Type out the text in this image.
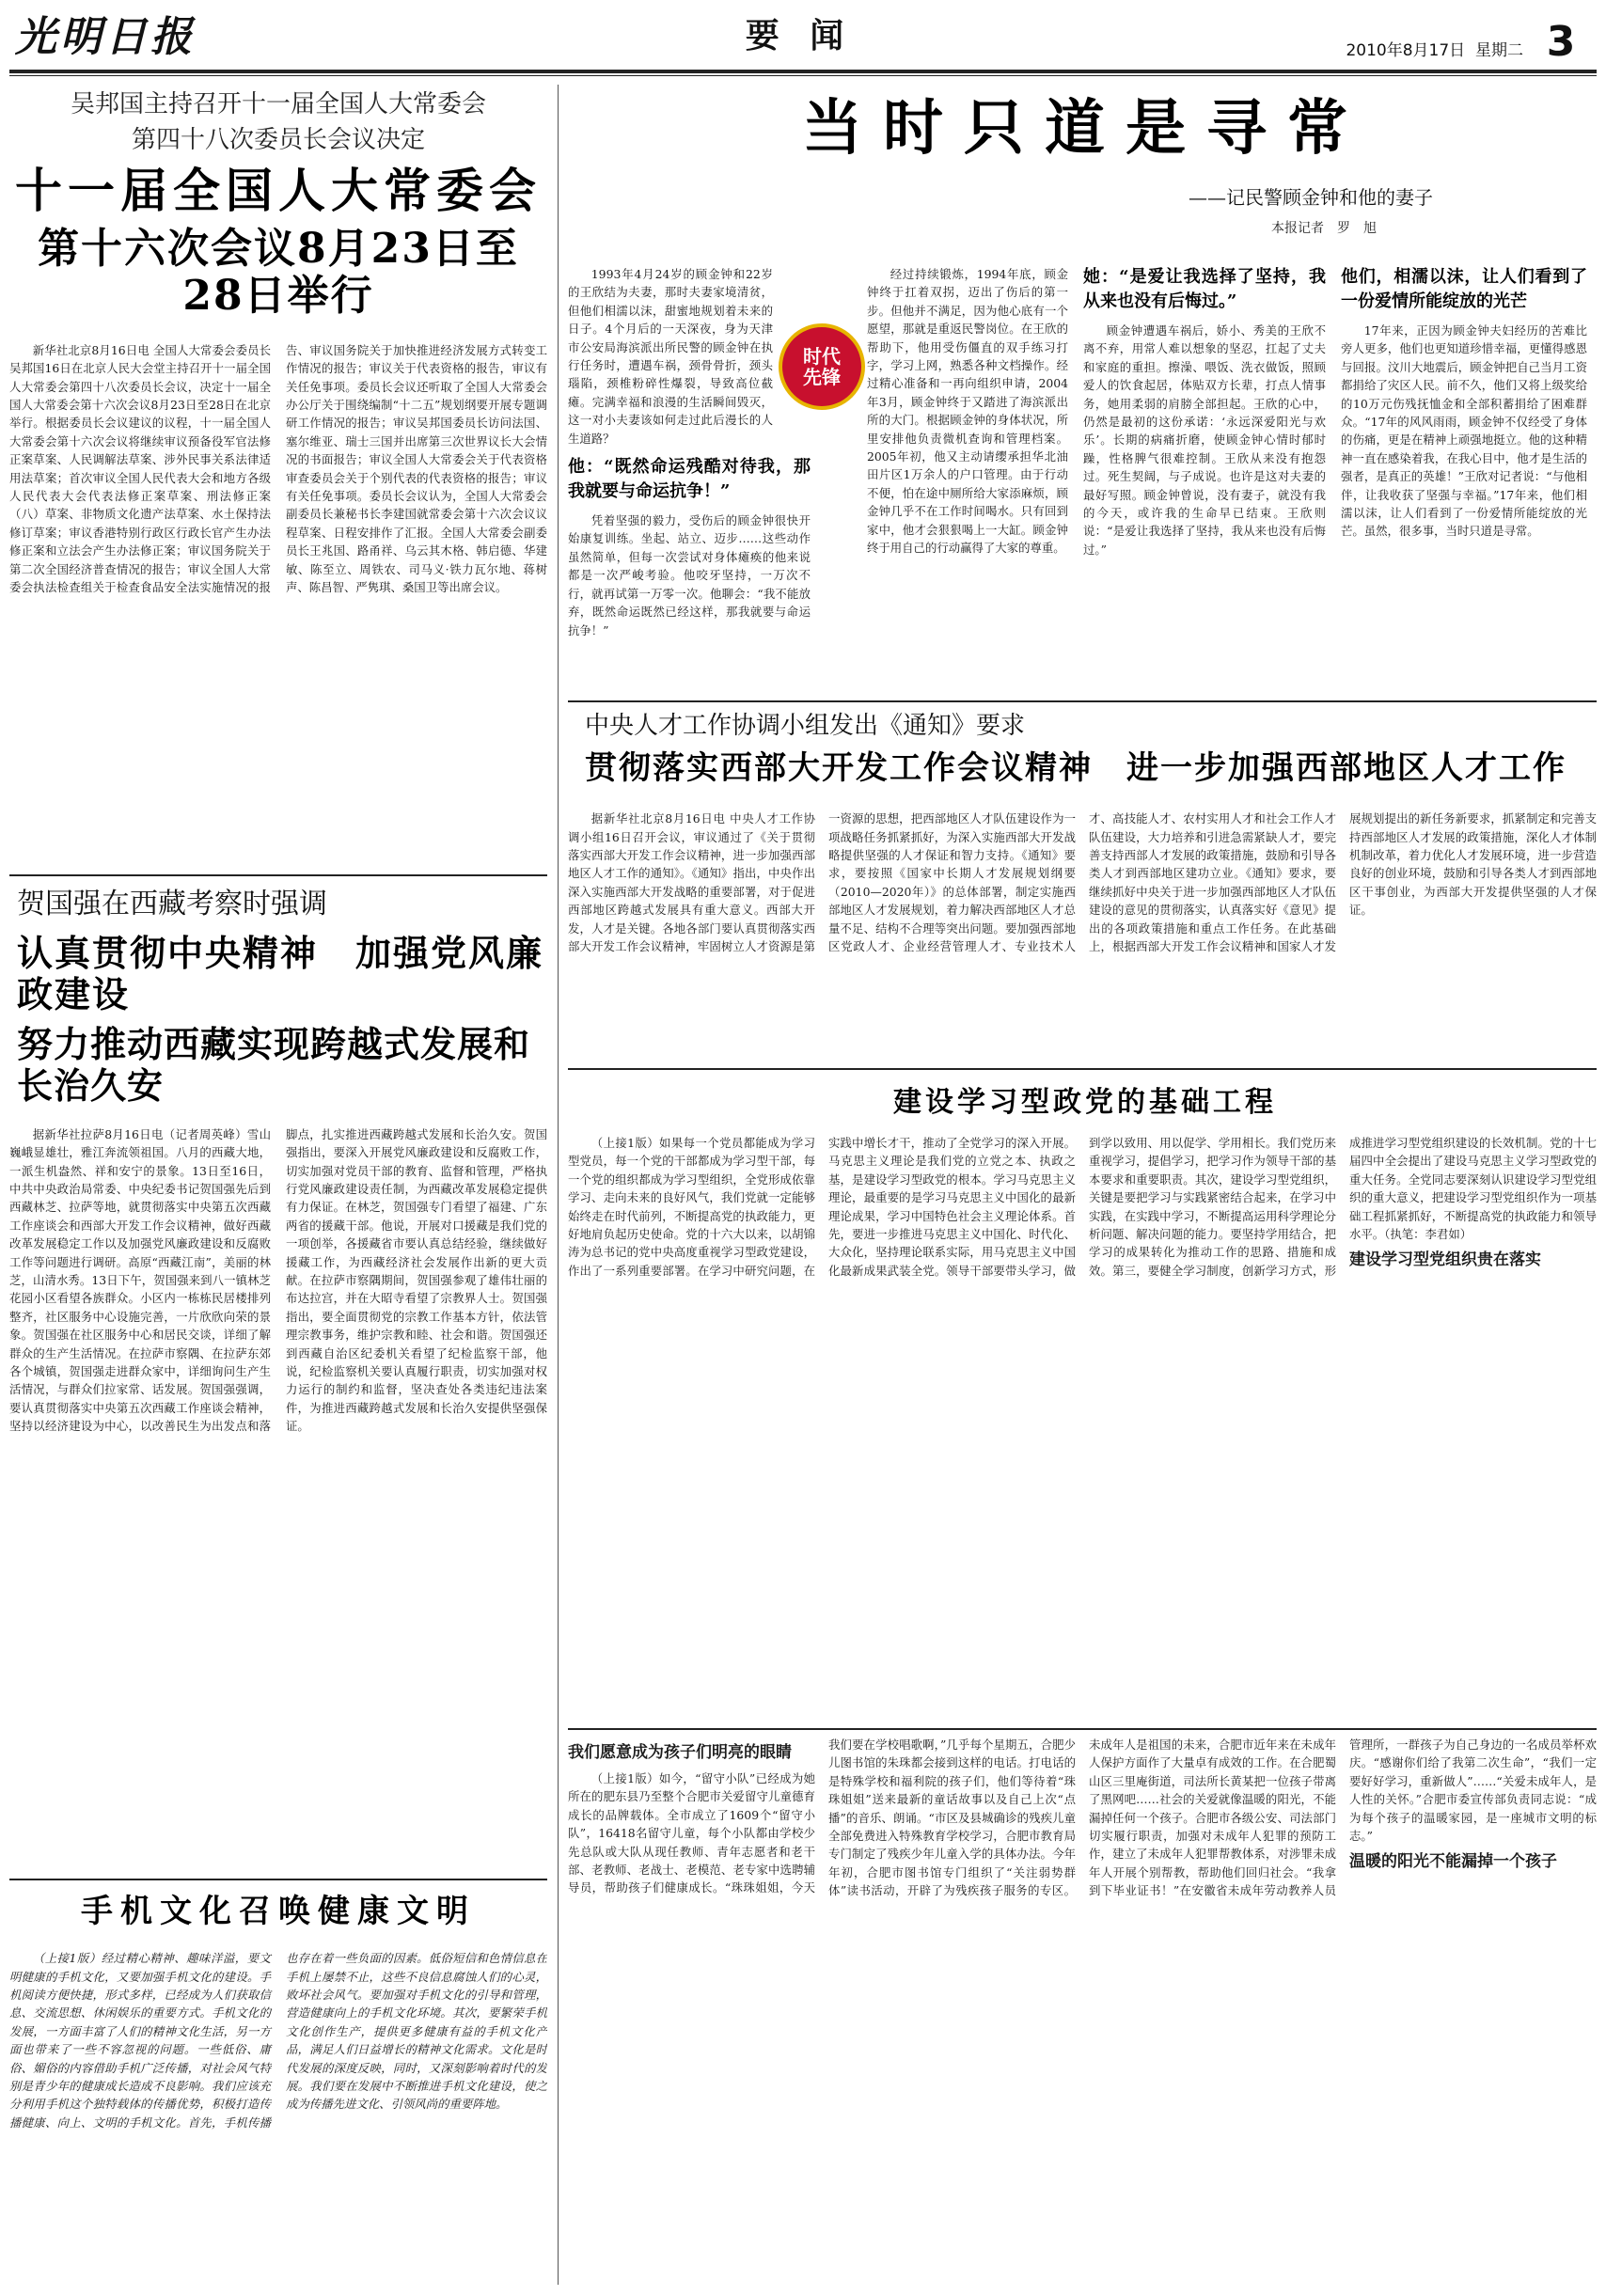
光明日报	要 闻	2010年8月17日 星期二 3
吴邦国主持召开十一届全国人大常委会
第四十八次委员长会议决定
十一届全国人大常委会
第十六次会议8月23日至28日举行

新华社北京8月16日电 全国人大常委会委员长吴邦国16日在北京人民大会堂主持召开十一届全国人大常委会第四十八次委员长会议，决定十一届全国人大常委会第十六次会议8月23日至28日在北京举行。根据委员长会议建议的议程，十一届全国人大常委会第十六次会议将继续审议预备役军官法修正案草案、人民调解法草案、涉外民事关系法律适用法草案；首次审议全国人民代表大会和地方各级人民代表大会代表法修正案草案、刑法修正案（八）草案、非物质文化遗产法草案、水土保持法修订草案；审议香港特别行政区行政长官产生办法修正案和立法会产生办法修正案；审议国务院关于第二次全国经济普查情况的报告；审议全国人大常委会执法检查组关于检查食品安全法实施情况的报告、审议国务院关于加快推进经济发展方式转变工作情况的报告；审议关于代表资格的报告，审议有关任免事项。委员长会议还听取了全国人大常委会办公厅关于围绕编制“十二五”规划纲要开展专题调研工作情况的报告；审议吴邦国委员长访问法国、塞尔维亚、瑞士三国并出席第三次世界议长大会情况的书面报告；审议全国人大常委会关于代表资格审查委员会关于个别代表的代表资格的报告；审议有关任免事项。委员长会议认为，全国人大常委会副委员长兼秘书长李建国就常委会第十六次会议议程草案、日程安排作了汇报。全国人大常委会副委员长王兆国、路甬祥、乌云其木格、韩启德、华建敏、陈至立、周铁农、司马义·铁力瓦尔地、蒋树声、陈昌智、严隽琪、桑国卫等出席会议。

贺国强在西藏考察时强调
认真贯彻中央精神　加强党风廉政建设
努力推动西藏实现跨越式发展和长治久安

据新华社拉萨8月16日电（记者周英峰）雪山巍峨显雄壮，雅江奔流领祖国。八月的西藏大地，一派生机盎然、祥和安宁的景象。13日至16日，中共中央政治局常委、中央纪委书记贺国强先后到西藏林芝、拉萨等地，就贯彻落实中央第五次西藏工作座谈会和西部大开发工作会议精神，做好西藏改革发展稳定工作以及加强党风廉政建设和反腐败工作等问题进行调研。高原“西藏江南”，美丽的林芝，山清水秀。13日下午，贺国强来到八一镇林芝花园小区看望各族群众。小区内一栋栋民居楼排列整齐，社区服务中心设施完善，一片欣欣向荣的景象。贺国强在社区服务中心和居民交谈，详细了解群众的生产生活情况。在拉萨市察隅、在拉萨东郊各个城镇，贺国强走进群众家中，详细询问生产生活情况，与群众们拉家常、话发展。贺国强强调，要认真贯彻落实中央第五次西藏工作座谈会精神，坚持以经济建设为中心，以改善民生为出发点和落脚点，扎实推进西藏跨越式发展和长治久安。贺国强指出，要深入开展党风廉政建设和反腐败工作，切实加强对党员干部的教育、监督和管理，严格执行党风廉政建设责任制，为西藏改革发展稳定提供有力保证。在林芝，贺国强专门看望了福建、广东两省的援藏干部。他说，开展对口援藏是我们党的一项创举，各援藏省市要认真总结经验，继续做好援藏工作，为西藏经济社会发展作出新的更大贡献。在拉萨市察隅期间，贺国强参观了雄伟壮丽的布达拉宫，并在大昭寺看望了宗教界人士。贺国强指出，要全面贯彻党的宗教工作基本方针，依法管理宗教事务，维护宗教和睦、社会和谐。贺国强还到西藏自治区纪委机关看望了纪检监察干部，他说，纪检监察机关要认真履行职责，切实加强对权力运行的制约和监督，坚决查处各类违纪违法案件，为推进西藏跨越式发展和长治久安提供坚强保证。

手机文化召唤健康文明

（上接1版）经过精心精神、趣味洋溢，要文明健康的手机文化，又要加强手机文化的建设。手机阅读方便快捷，形式多样，已经成为人们获取信息、交流思想、休闲娱乐的重要方式。手机文化的发展，一方面丰富了人们的精神文化生活，另一方面也带来了一些不容忽视的问题。一些低俗、庸俗、媚俗的内容借助手机广泛传播，对社会风气特别是青少年的健康成长造成不良影响。我们应该充分利用手机这个独特载体的传播优势，积极打造传播健康、向上、文明的手机文化。首先，手机传播也存在着一些负面的因素。低俗短信和色情信息在手机上屡禁不止，这些不良信息腐蚀人们的心灵，败坏社会风气。要加强对手机文化的引导和管理，营造健康向上的手机文化环境。其次，要繁荣手机文化创作生产，提供更多健康有益的手机文化产品，满足人们日益增长的精神文化需求。文化是时代发展的深度反映，同时，又深刻影响着时代的发展。我们要在发展中不断推进手机文化建设，使之成为传播先进文化、引领风尚的重要阵地。

当时只道是寻常
——记民警顾金钟和他的妻子
本报记者　罗　旭
时代先锋

1993年4月24岁的顾金钟和22岁的王欣结为夫妻，那时夫妻家境清贫，但他们相濡以沫，甜蜜地规划着未来的日子。4个月后的一天深夜，身为天津市公安局海滨派出所民警的顾金钟在执行任务时，遭遇车祸，颈骨骨折，颈头瑙陷，颈椎粉碎性爆裂，导致高位截瘫。完满幸福和浪漫的生活瞬间毁灭，这一对小夫妻该如何走过此后漫长的人生道路？

他：“既然命运残酷对待我，那我就要与命运抗争！”

凭着坚强的毅力，受伤后的顾金钟很快开始康复训练。坐起、站立、迈步……这些动作虽然简单，但每一次尝试对身体瘫痪的他来说都是一次严峻考验。他咬牙坚持，一万次不行，就再试第一万零一次。他聊会：“我不能放弃，既然命运既然已经这样，那我就要与命运抗争！”

经过持续锻炼，1994年底，顾金钟终于扛着双拐，迈出了伤后的第一步。但他并不满足，因为他心底有一个愿望，那就是重返民警岗位。在王欣的帮助下，他用受伤僵直的双手练习打字，学习上网，熟悉各种文档操作。经过精心准备和一再向组织申请，2004年3月，顾金钟终于又踏进了海滨派出所的大门。根据顾金钟的身体状况，所里安排他负责微机查询和管理档案。2005年初，他又主动请缨承担华北油田片区1万余人的户口管理。由于行动不便，怕在途中厕所给大家添麻烦，顾金钟几乎不在工作时间喝水。只有回到家中，他才会狠狠喝上一大缸。顾金钟终于用自己的行动赢得了大家的尊重。

她：“是爱让我选择了坚持，我从来也没有后悔过。”

顾金钟遭遇车祸后，娇小、秀美的王欣不离不弃，用常人难以想象的坚忍，扛起了丈夫和家庭的重担。擦澡、喂饭、洗衣做饭，照顾爱人的饮食起居，体贴双方长辈，打点人情事务，她用柔弱的肩膀全部担起。王欣的心中，仍然是最初的这份承诺：‘永远深爱阳光与欢乐’。长期的病痛折磨，使顾金钟心情时郁时躁，性格脾气很难控制。王欣从来没有抱怨过。死生契阔，与子成说。也许是这对夫妻的最好写照。顾金钟曾说，没有妻子，就没有我的今天，或许我的生命早已结束。王欣则说：“是爱让我选择了坚持，我从来也没有后悔过。”

他们，相濡以沫，让人们看到了一份爱情所能绽放的光芒

17年来，正因为顾金钟夫妇经历的苦难比旁人更多，他们也更知道珍惜幸福，更懂得感恩与回报。汶川大地震后，顾金钟把自己当月工资都捐给了灾区人民。前不久，他们又将上级奖给的10万元伤残抚恤金和全部积蓄捐给了困难群众。“17年的风风雨雨，顾金钟不仅经受了身体的伤痛，更是在精神上顽强地挺立。他的这种精神一直在感染着我，在我心目中，他才是生活的强者，是真正的英雄！”王欣对记者说：“与他相伴，让我收获了坚强与幸福。”17年来，他们相濡以沫，让人们看到了一份爱情所能绽放的光芒。虽然，很多事，当时只道是寻常。

中央人才工作协调小组发出《通知》要求
贯彻落实西部大开发工作会议精神　进一步加强西部地区人才工作

据新华社北京8月16日电 中央人才工作协调小组16日召开会议，审议通过了《关于贯彻落实西部大开发工作会议精神，进一步加强西部地区人才工作的通知》。《通知》指出，中央作出深入实施西部大开发战略的重要部署，对于促进西部地区跨越式发展具有重大意义。西部大开发，人才是关键。各地各部门要认真贯彻落实西部大开发工作会议精神，牢固树立人才资源是第一资源的思想，把西部地区人才队伍建设作为一项战略任务抓紧抓好，为深入实施西部大开发战略提供坚强的人才保证和智力支持。《通知》要求，要按照《国家中长期人才发展规划纲要（2010—2020年）》的总体部署，制定实施西部地区人才发展规划，着力解决西部地区人才总量不足、结构不合理等突出问题。要加强西部地区党政人才、企业经营管理人才、专业技术人才、高技能人才、农村实用人才和社会工作人才队伍建设，大力培养和引进急需紧缺人才，要完善支持西部人才发展的政策措施，鼓励和引导各类人才到西部地区建功立业。《通知》要求，要继续抓好中央关于进一步加强西部地区人才队伍建设的意见的贯彻落实，认真落实好《意见》提出的各项政策措施和重点工作任务。在此基础上，根据西部大开发工作会议精神和国家人才发展规划提出的新任务新要求，抓紧制定和完善支持西部地区人才发展的政策措施，深化人才体制机制改革，着力优化人才发展环境，进一步营造良好的创业环境，鼓励和引导各类人才到西部地区干事创业，为西部大开发提供坚强的人才保证。

建设学习型政党的基础工程

（上接1版）如果每一个党员都能成为学习型党员，每一个党的干部都成为学习型干部，每一个党的组织都成为学习型组织，全党形成依靠学习、走向未来的良好风气，我们党就一定能够始终走在时代前列，不断提高党的执政能力，更好地肩负起历史使命。党的十六大以来，以胡锦涛为总书记的党中央高度重视学习型政党建设，作出了一系列重要部署。在学习中研究问题，在实践中增长才干，推动了全党学习的深入开展。马克思主义理论是我们党的立党之本、执政之基，是建设学习型政党的根本。学习马克思主义理论，最重要的是学习马克思主义中国化的最新理论成果，学习中国特色社会主义理论体系。首先，要进一步推进马克思主义中国化、时代化、大众化，坚持理论联系实际，用马克思主义中国化最新成果武装全党。领导干部要带头学习，做到学以致用、用以促学、学用相长。我们党历来重视学习，提倡学习，把学习作为领导干部的基本要求和重要职责。其次，建设学习型党组织，关键是要把学习与实践紧密结合起来，在学习中实践，在实践中学习，不断提高运用科学理论分析问题、解决问题的能力。要坚持学用结合，把学习的成果转化为推动工作的思路、措施和成效。第三，要健全学习制度，创新学习方式，形成推进学习型党组织建设的长效机制。党的十七届四中全会提出了建设马克思主义学习型政党的重大任务。全党同志要深刻认识建设学习型党组织的重大意义，把建设学习型党组织作为一项基础工程抓紧抓好，不断提高党的执政能力和领导水平。（执笔：李君如）

建设学习型党组织贵在落实
我们愿意成为孩子们明亮的眼睛

（上接1版）如今，“留守小队”已经成为她所在的肥东县乃至整个合肥市关爱留守儿童德育成长的品牌载体。全市成立了1609个“留守小队”，16418名留守儿童，每个小队都由学校少先总队或大队从现任教师、青年志愿者和老干部、老教师、老战士、老模范、老专家中选聘辅导员，帮助孩子们健康成长。“珠珠姐姐，今天我们要在学校唱歌啊，”几乎每个星期五，合肥少儿图书馆的朱珠都会接到这样的电话。打电话的是特殊学校和福利院的孩子们，他们等待着“珠珠姐姐”送来最新的童话故事以及自己上次“点播”的音乐、朗诵。“市区及县城确诊的残疾儿童全部免费进入特殊教育学校学习，合肥市教育局专门制定了残疾少年儿童入学的具体办法。今年年初，合肥市图书馆专门组织了“关注弱势群体”读书活动，开辟了为残疾孩子服务的专区。未成年人是祖国的未来，合肥市近年来在未成年人保护方面作了大量卓有成效的工作。在合肥蜀山区三里庵街道，司法所长黄某把一位孩子带离了黑网吧……社会的关爱就像温暖的阳光，不能漏掉任何一个孩子。合肥市各级公安、司法部门切实履行职责，加强对未成年人犯罪的预防工作，建立了未成年人犯罪帮教体系，对涉罪未成年人开展个别帮教，帮助他们回归社会。“我拿到下毕业证书！”在安徽省未成年劳动教养人员管理所，一群孩子为自己身边的一名成员举杯欢庆。“感谢你们给了我第二次生命”，“我们一定要好好学习，重新做人”……“关爱未成年人，是人性的关怀。”合肥市委宣传部负责同志说：“成为每个孩子的温暖家园，是一座城市文明的标志。”

温暖的阳光不能漏掉一个孩子
